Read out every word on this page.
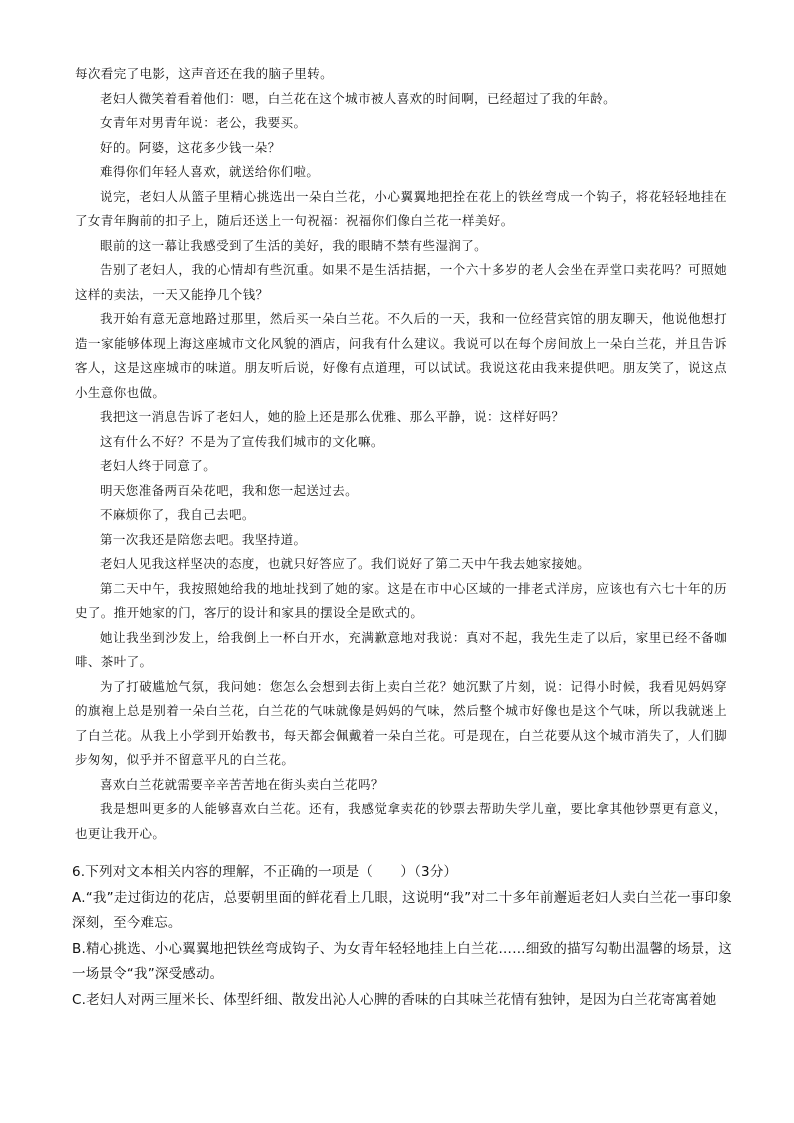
每次看完了电影，这声音还在我的脑子里转。

老妇人微笑着看着他们：嗯，白兰花在这个城市被人喜欢的时间啊，已经超过了我的年龄。

女青年对男青年说：老公，我要买。

好的。阿婆，这花多少钱一朵？

难得你们年轻人喜欢，就送给你们啦。

说完，老妇人从篮子里精心挑选出一朵白兰花，小心翼翼地把拴在花上的铁丝弯成一个钩子，将花轻轻地挂在了女青年胸前的扣子上，随后还送上一句祝福：祝福你们像白兰花一样美好。

眼前的这一幕让我感受到了生活的美好，我的眼睛不禁有些湿润了。

告别了老妇人，我的心情却有些沉重。如果不是生活拮据，一个六十多岁的老人会坐在弄堂口卖花吗？可照她这样的卖法，一天又能挣几个钱？

我开始有意无意地路过那里，然后买一朵白兰花。不久后的一天，我和一位经营宾馆的朋友聊天，他说他想打造一家能够体现上海这座城市文化风貌的酒店，问我有什么建议。我说可以在每个房间放上一朵白兰花，并且告诉客人，这是这座城市的味道。朋友听后说，好像有点道理，可以试试。我说这花由我来提供吧。朋友笑了，说这点小生意你也做。

我把这一消息告诉了老妇人，她的脸上还是那么优雅、那么平静，说：这样好吗？

这有什么不好？不是为了宣传我们城市的文化嘛。

老妇人终于同意了。

明天您准备两百朵花吧，我和您一起送过去。

不麻烦你了，我自己去吧。

第一次我还是陪您去吧。我坚持道。

老妇人见我这样坚决的态度，也就只好答应了。我们说好了第二天中午我去她家接她。

第二天中午，我按照她给我的地址找到了她的家。这是在市中心区域的一排老式洋房，应该也有六七十年的历史了。推开她家的门，客厅的设计和家具的摆设全是欧式的。

她让我坐到沙发上，给我倒上一杯白开水，充满歉意地对我说：真对不起，我先生走了以后，家里已经不备咖啡、茶叶了。

为了打破尴尬气氛，我问她：您怎么会想到去街上卖白兰花？她沉默了片刻，说：记得小时候，我看见妈妈穿的旗袍上总是别着一朵白兰花，白兰花的气味就像是妈妈的气味，然后整个城市好像也是这个气味，所以我就迷上了白兰花。从我上小学到开始教书，每天都会佩戴着一朵白兰花。可是现在，白兰花要从这个城市消失了，人们脚步匆匆，似乎并不留意平凡的白兰花。

喜欢白兰花就需要辛辛苦苦地在街头卖白兰花吗？

我是想叫更多的人能够喜欢白兰花。还有，我感觉拿卖花的钞票去帮助失学儿童，要比拿其他钞票更有意义，也更让我开心。

6.下列对文本相关内容的理解，不正确的一项是（　　）（3分）

A.“我”走过街边的花店，总要朝里面的鲜花看上几眼，这说明“我”对二十多年前邂逅老妇人卖白兰花一事印象深刻，至今难忘。

B.精心挑选、小心翼翼地把铁丝弯成钩子、为女青年轻轻地挂上白兰花……细致的描写勾勒出温馨的场景，这一场景令“我”深受感动。

C.老妇人对两三厘米长、体型纤细、散发出沁人心脾的香味的白其味兰花情有独钟，是因为白兰花寄寓着她
